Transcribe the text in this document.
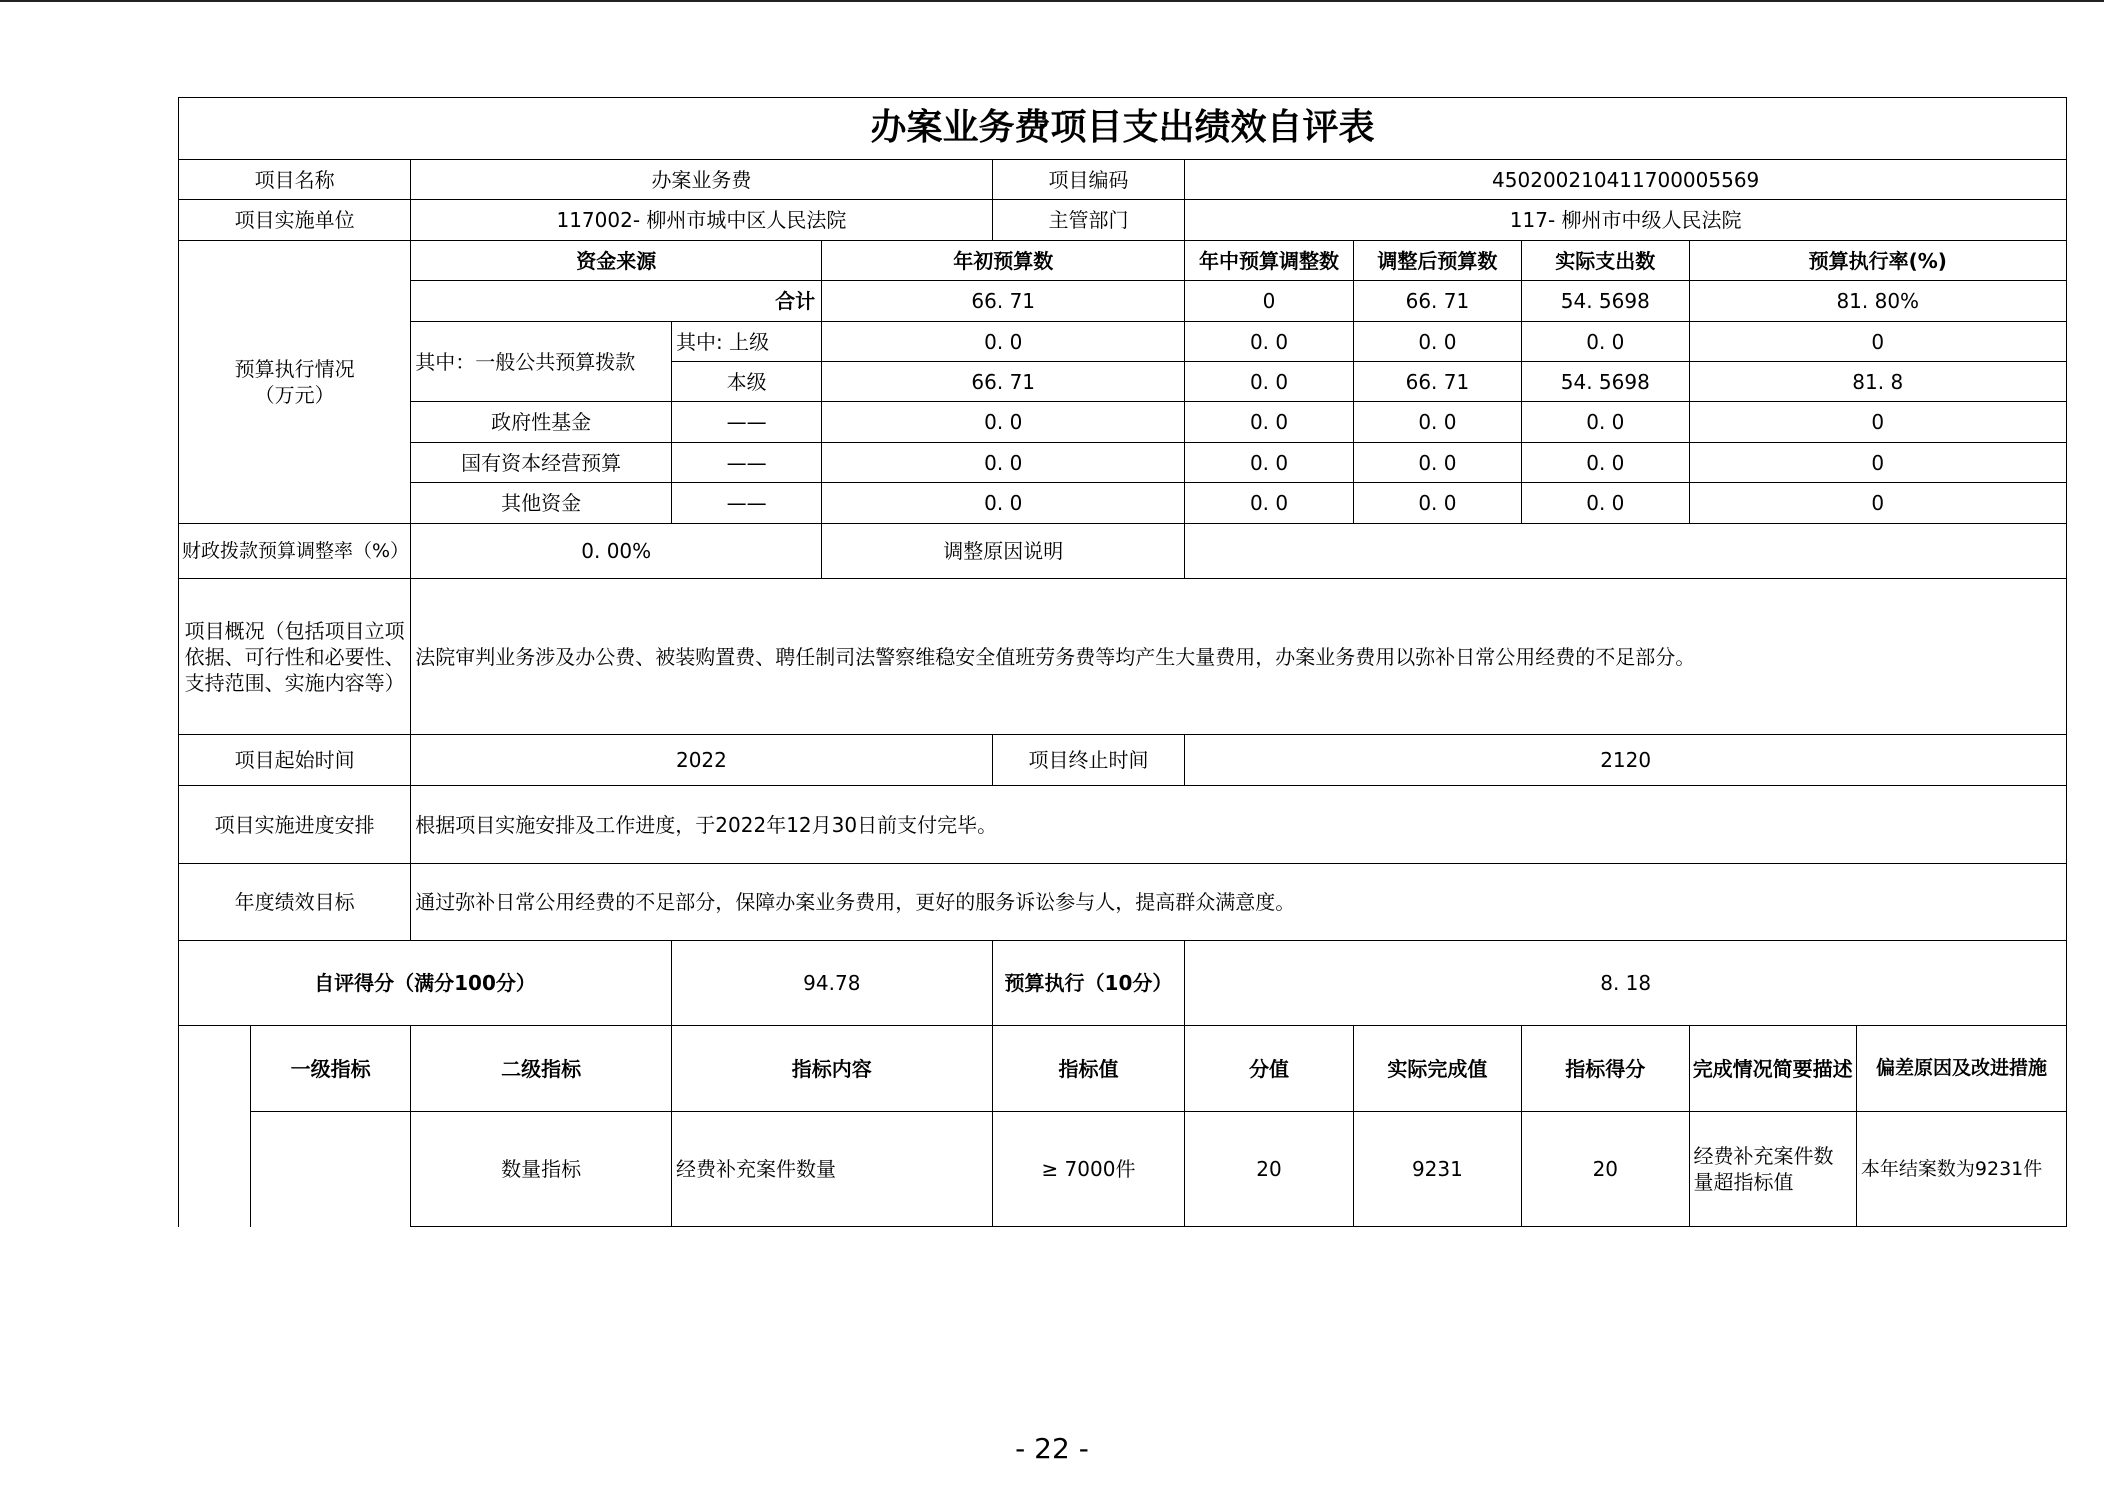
办案业务费项目支出绩效自评表										
项目名称		办案业务费			项目编码	450200210411700005569				
项目实施单位		117002- 柳州市城中区人民法院			主管部门	117- 柳州市中级人民法院				
预算执行情况
（万元）		资金来源		年初预算数		年中预算调整数	调整后预算数	实际支出数	预算执行率(%)	
		合计		66. 71		0	66. 71	54. 5698	81. 80%	
		其中：一般公共预算拨款	其中: 上级	0. 0		0. 0	0. 0	0. 0	0	
			本级	66. 71		0. 0	66. 71	54. 5698	81. 8	
		政府性基金	——	0. 0		0. 0	0. 0	0. 0	0	
		国有资本经营预算	——	0. 0		0. 0	0. 0	0. 0	0	
		其他资金	——	0. 0		0. 0	0. 0	0. 0	0	
财政拨款预算调整率（%）		0. 00%		调整原因说明						
项目概况（包括项目立项依据、可行性和必要性、支持范围、实施内容等）		法院审判业务涉及办公费、被装购置费、聘任制司法警察维稳安全值班劳务费等均产生大量费用，办案业务费用以弥补日常公用经费的不足部分。								
项目起始时间		2022			项目终止时间	2120				
项目实施进度安排		根据项目实施安排及工作进度，于2022年12月30日前支付完毕。								
年度绩效目标		通过弥补日常公用经费的不足部分，保障办案业务费用，更好的服务诉讼参与人，提高群众满意度。								
自评得分（满分100分）			94.78		预算执行（10分）	8. 18				
	一级指标	二级指标	指标内容		指标值	分值	实际完成值	指标得分	完成情况简要描述	偏差原因及改进措施
		数量指标	经费补充案件数量		≥ 7000件	20	9231	20	经费补充案件数量超指标值	本年结案数为9231件
- 22 -
